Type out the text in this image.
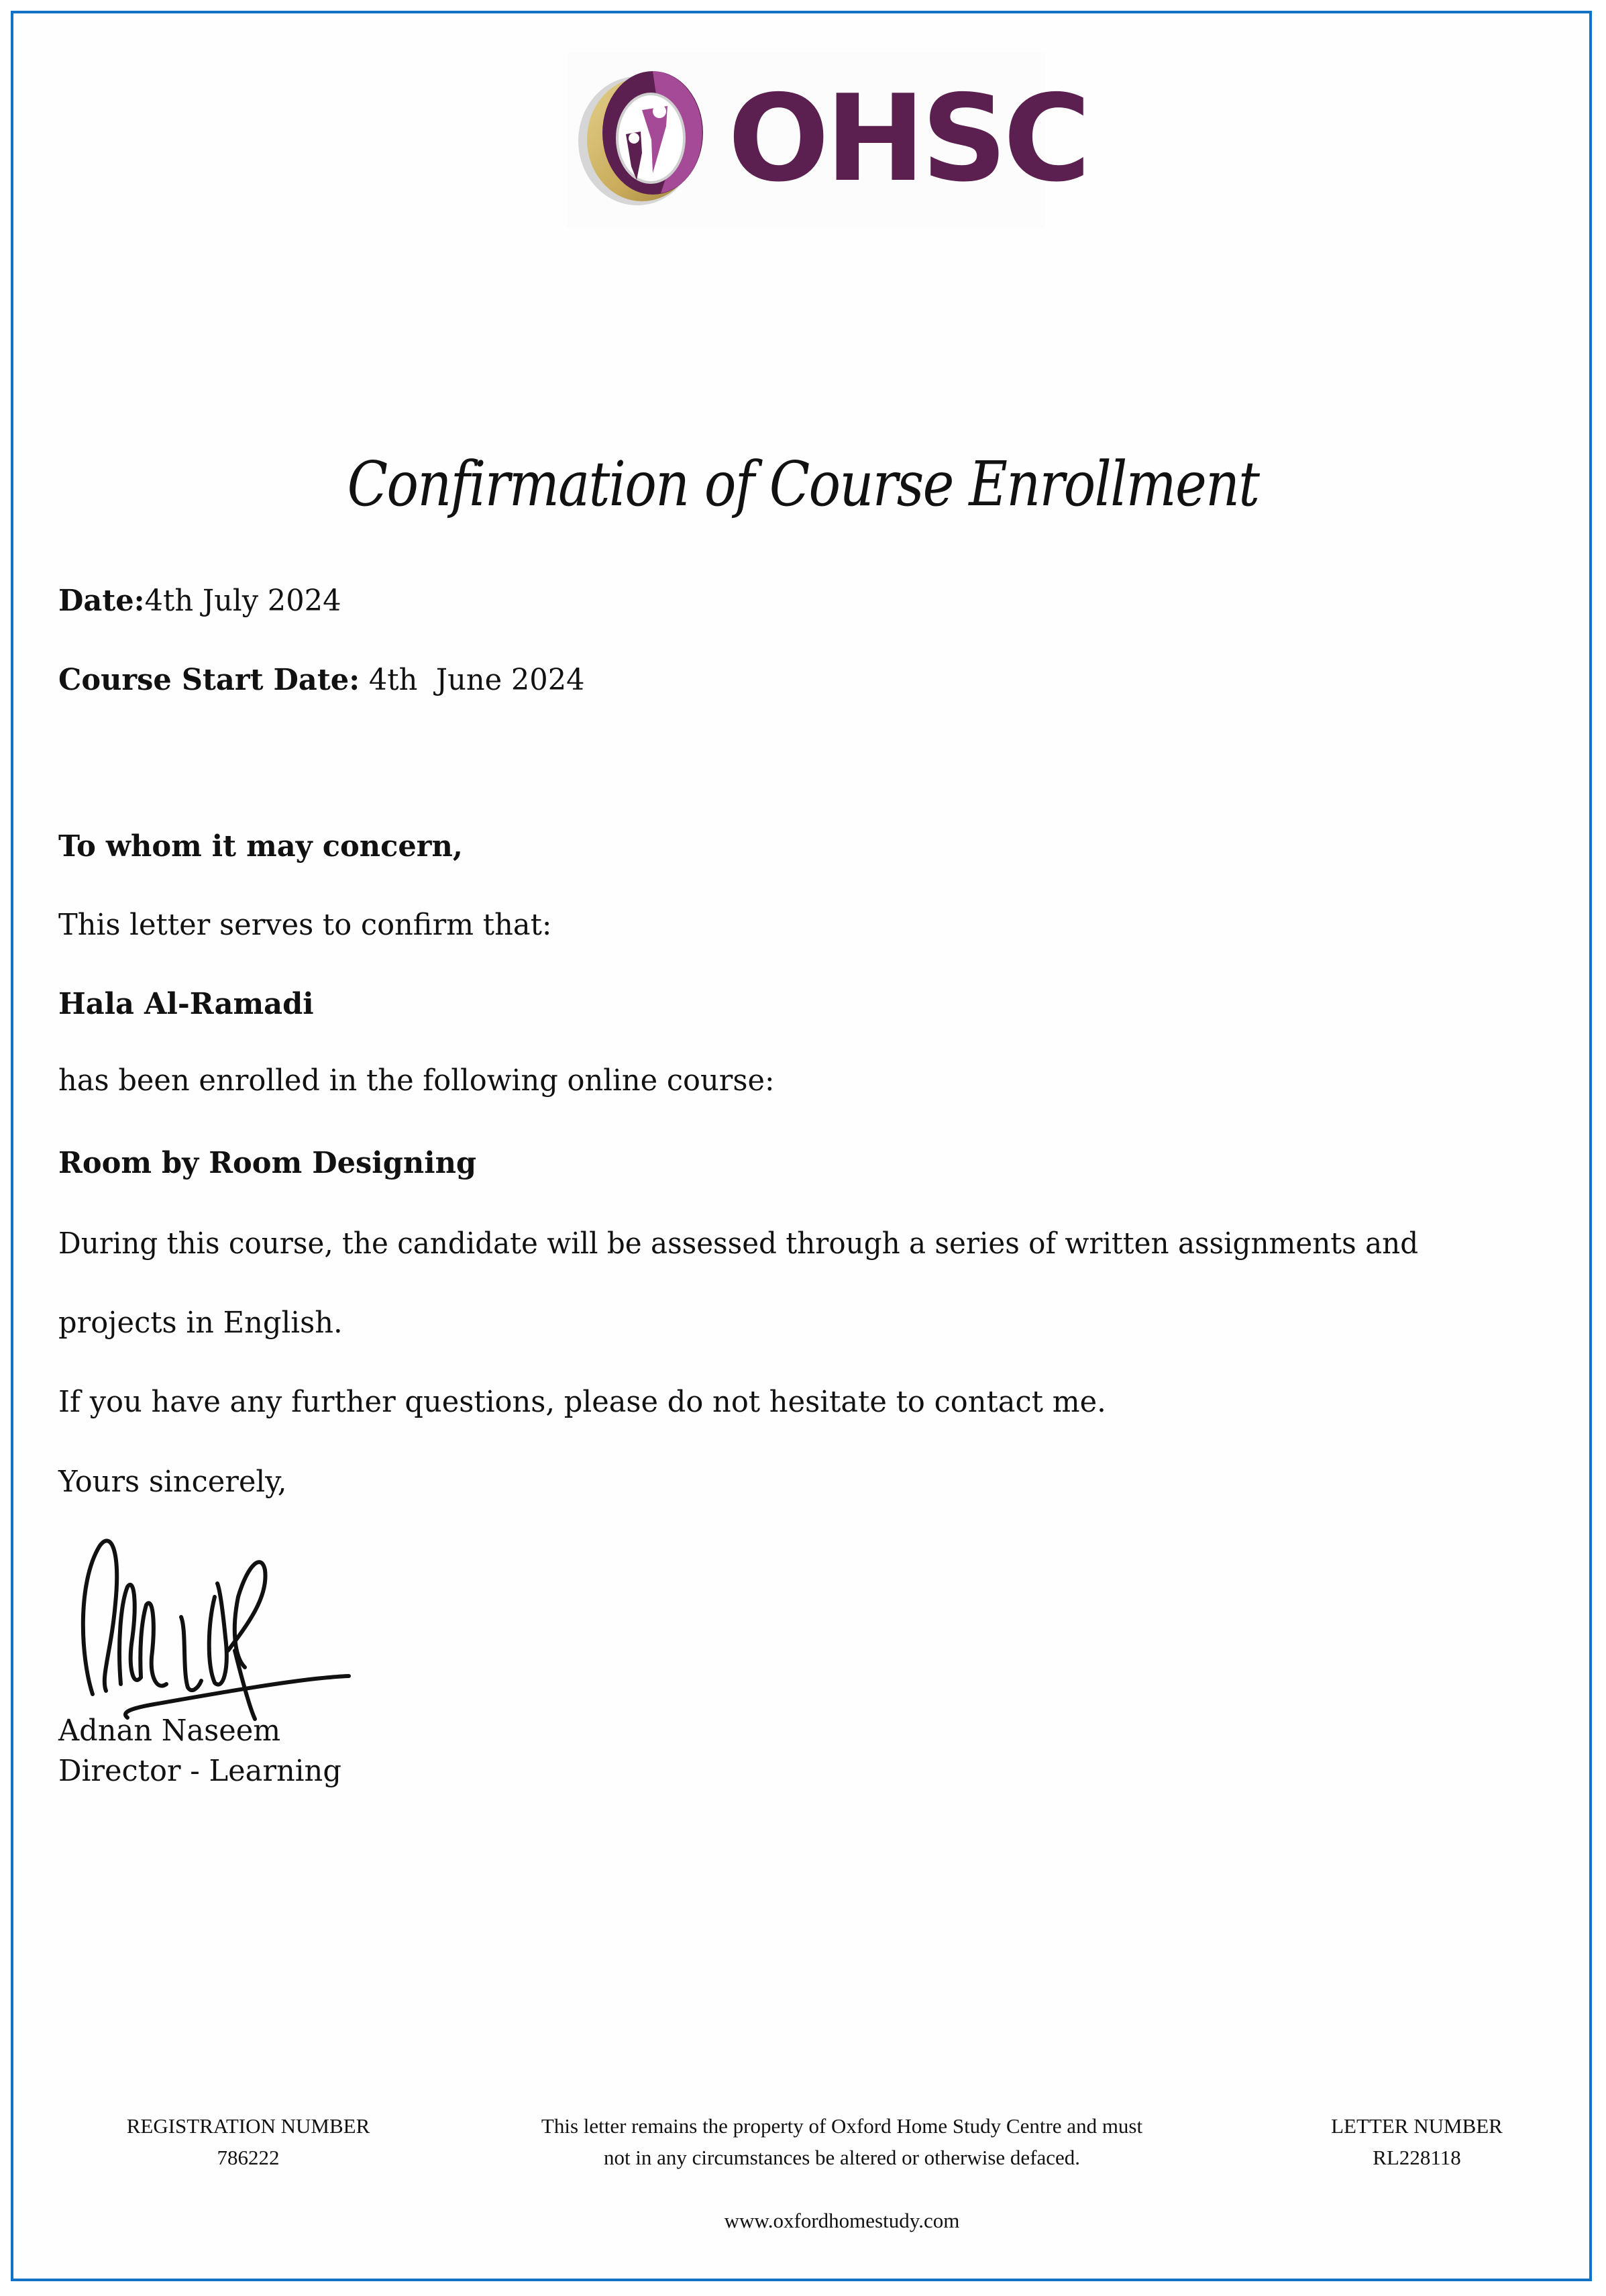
OHSC
Confirmation of Course Enrollment
Date:4th July 2024
Course Start Date: 4th  June 2024
To whom it may concern,
This letter serves to confirm that:
Hala Al-Ramadi
has been enrolled in the following online course:
Room by Room Designing
During this course, the candidate will be assessed through a series of written assignments and
projects in English.
If you have any further questions, please do not hesitate to contact me.
Yours sincerely,
Adnan Naseem
Director - Learning
REGISTRATION NUMBER
786222
This letter remains the property of Oxford Home Study Centre and must
not in any circumstances be altered or otherwise defaced.
LETTER NUMBER
RL228118
www.oxfordhomestudy.com
